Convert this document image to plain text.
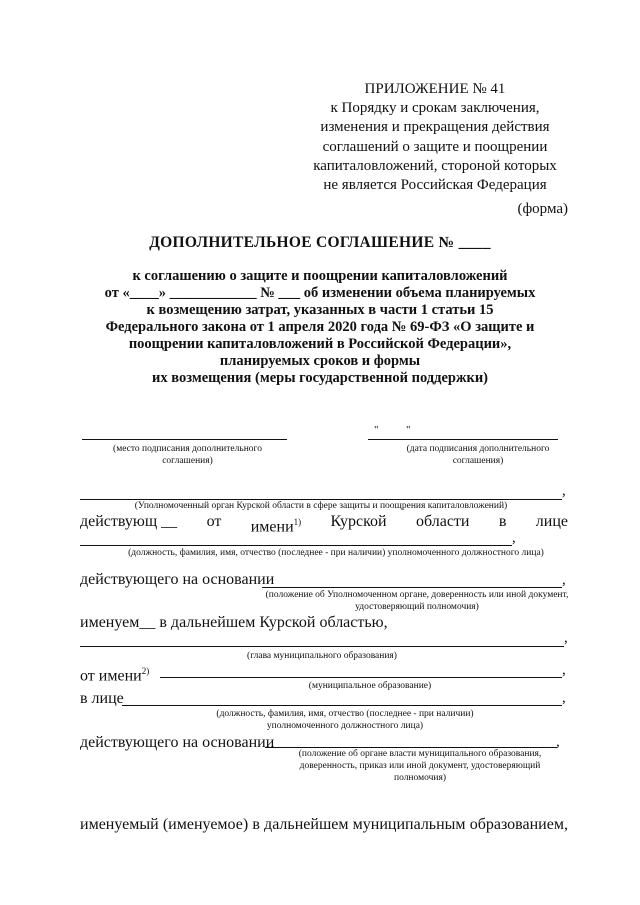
ПРИЛОЖЕНИЕ № 41
к Порядку и срокам заключения,
изменения и прекращения действия
соглашений о защите и поощрении
капиталовложений, стороной которых
не является Российская Федерация
(форма)
ДОПОЛНИТЕЛЬНОЕ СОГЛАШЕНИЕ № ____
к соглашению о защите и поощрении капиталовложений
от «____» ____________ № ___ об изменении объема планируемых
к возмещению затрат, указанных в части 1 статьи 15
Федерального закона от 1 апреля 2020 года № 69-ФЗ «О защите и
поощрении капиталовложений в Российской Федерации»,
планируемых сроков и формы
их возмещения (меры государственной поддержки)
(место подписания дополнительного соглашения)
"          "
(дата подписания дополнительного соглашения)
,
(Уполномоченный орган Курской области в сфере защиты и поощрения капиталовложений)
действующ __ от имени$^{1)}$ Курской области в лице
,
(должность, фамилия, имя, отчество (последнее - при наличии) уполномоченного должностного лица)
действующего на основании	,
(положение об Уполномоченном органе, доверенность или иной документ, удостоверяющий полномочия)
именуем__ в дальнейшем Курской областью,
,
(глава муниципального образования)
от имени$^{2)}$	,
(муниципальное образование)
в лице	,
(должность, фамилия, имя, отчество (последнее - при наличии) уполномоченного должностного лица)
действующего на основании	,
(положение об органе власти муниципального образования, доверенность, приказ или иной документ, удостоверяющий полномочия)
именуемый (именуемое) в дальнейшем муниципальным образованием,
